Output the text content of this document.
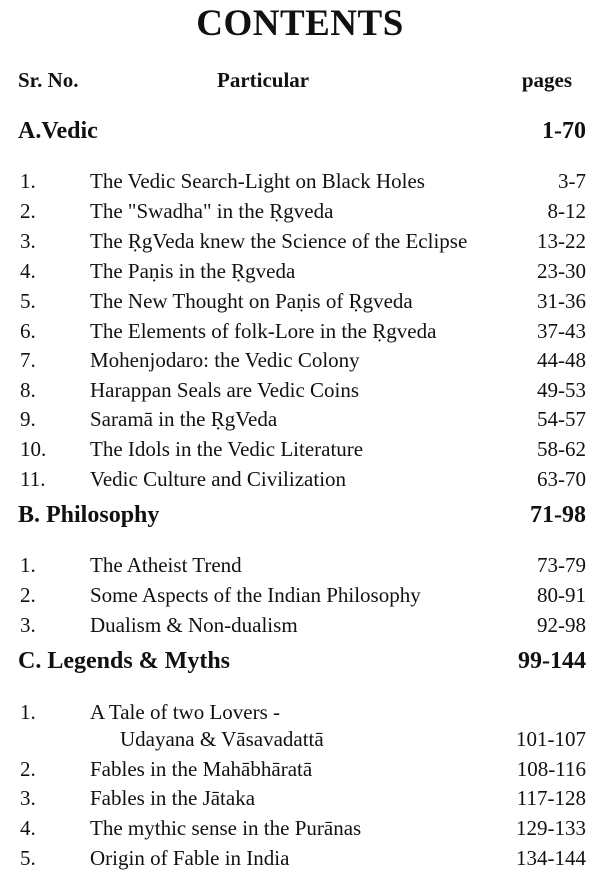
CONTENTS
Sr. No.	Particular	pages
A.Vedic	1-70
1.	The Vedic Search-Light on Black Holes	3-7
2.	The "Swadha" in the Ṛgveda	8-12
3.	The ṚgVeda knew the Science of the Eclipse	13-22
4.	The Paṇis in the Ṛgveda	23-30
5.	The New Thought on Paṇis of Ṛgveda	31-36
6.	The Elements of folk-Lore in the Ṛgveda	37-43
7.	Mohenjodaro: the Vedic Colony	44-48
8.	Harappan Seals are Vedic Coins	49-53
9.	Saramā in the ṚgVeda	54-57
10. The Idols in the Vedic Literature	58-62
11. Vedic Culture and Civilization	63-70
B. Philosophy	71-98
1.	The Atheist Trend	73-79
2.	Some Aspects of the Indian Philosophy	80-91
3.	Dualism & Non-dualism	92-98
C. Legends & Myths	99-144
1.	A Tale of two Lovers -
Udayana & Vāsavadattā	101-107
2.	Fables in the Mahābhāratā	108-116
3.	Fables in the Jātaka	117-128
4.	The mythic sense in the Purānas	129-133
5.	Origin of Fable in India	134-144
